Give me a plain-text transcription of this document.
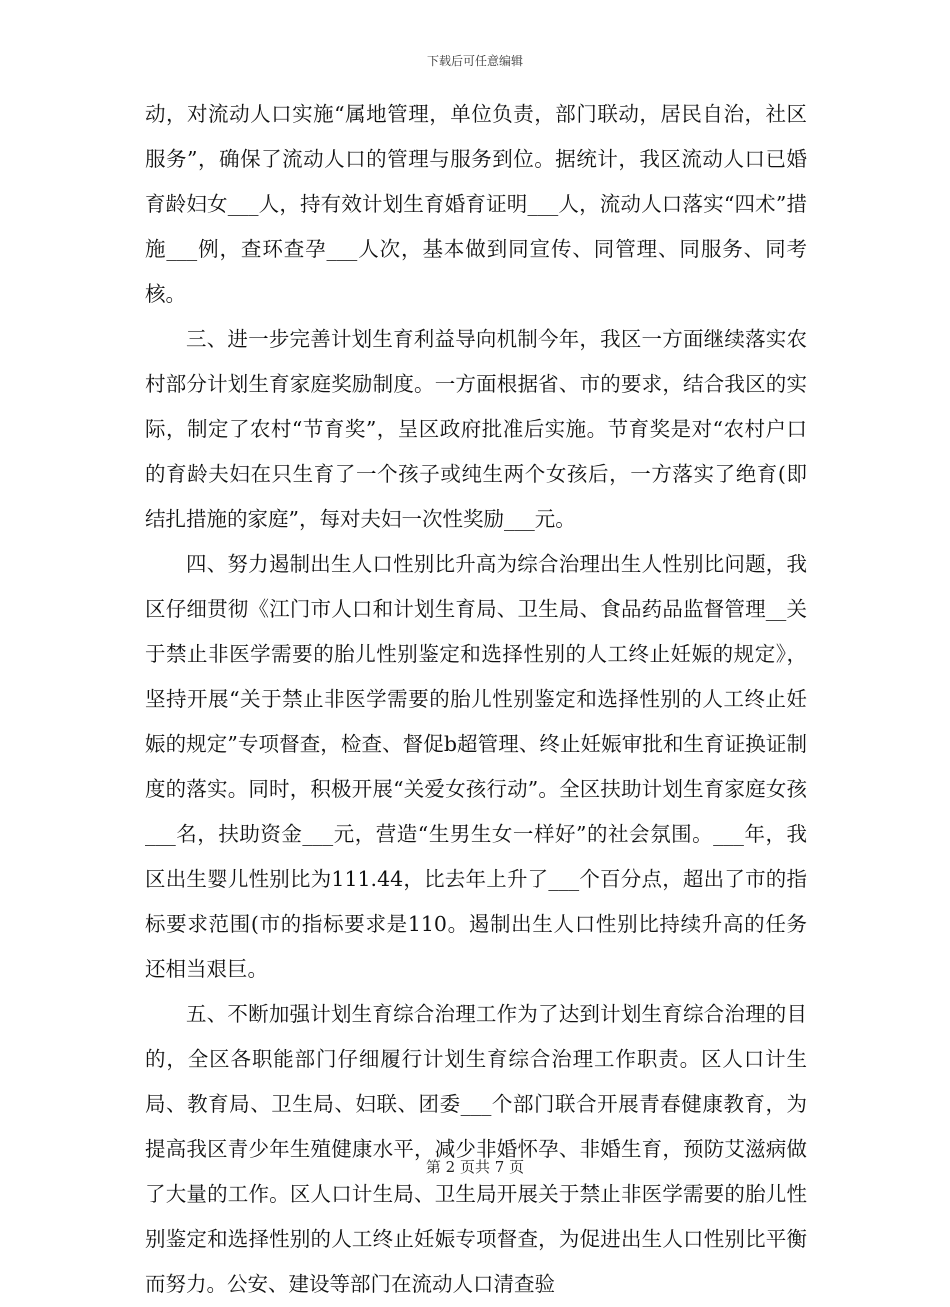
下载后可任意编辑

动，对流动人口实施“属地管理，单位负责，部门联动，居民自治，社区服务”，确保了流动人口的管理与服务到位。据统计，我区流动人口已婚育龄妇女___人，持有效计划生育婚育证明___人，流动人口落实“四术”措施___例，查环查孕___人次，基本做到同宣传、同管理、同服务、同考核。

三、进一步完善计划生育利益导向机制今年，我区一方面继续落实农村部分计划生育家庭奖励制度。一方面根据省、市的要求，结合我区的实际，制定了农村“节育奖”，呈区政府批准后实施。节育奖是对“农村户口的育龄夫妇在只生育了一个孩子或纯生两个女孩后，一方落实了绝育(即结扎措施的家庭”，每对夫妇一次性奖励___元。

四、努力遏制出生人口性别比升高为综合治理出生人性别比问题，我区仔细贯彻《江门市人口和计划生育局、卫生局、食品药品监督管理__关于禁止非医学需要的胎儿性别鉴定和选择性别的人工终止妊娠的规定》，坚持开展“关于禁止非医学需要的胎儿性别鉴定和选择性别的人工终止妊娠的规定”专项督查，检查、督促b超管理、终止妊娠审批和生育证换证制度的落实。同时，积极开展“关爱女孩行动”。全区扶助计划生育家庭女孩___名，扶助资金___元，营造“生男生女一样好”的社会氛围。___年，我区出生婴儿性别比为111.44，比去年上升了___个百分点，超出了市的指标要求范围(市的指标要求是110。遏制出生人口性别比持续升高的任务还相当艰巨。

五、不断加强计划生育综合治理工作为了达到计划生育综合治理的目的，全区各职能部门仔细履行计划生育综合治理工作职责。区人口计生局、教育局、卫生局、妇联、团委___个部门联合开展青春健康教育，为提高我区青少年生殖健康水平，减少非婚怀孕、非婚生育，预防艾滋病做了大量的工作。区人口计生局、卫生局开展关于禁止非医学需要的胎儿性别鉴定和选择性别的人工终止妊娠专项督查，为促进出生人口性别比平衡而努力。公安、建设等部门在流动人口清查验

第 2 页共 7 页
